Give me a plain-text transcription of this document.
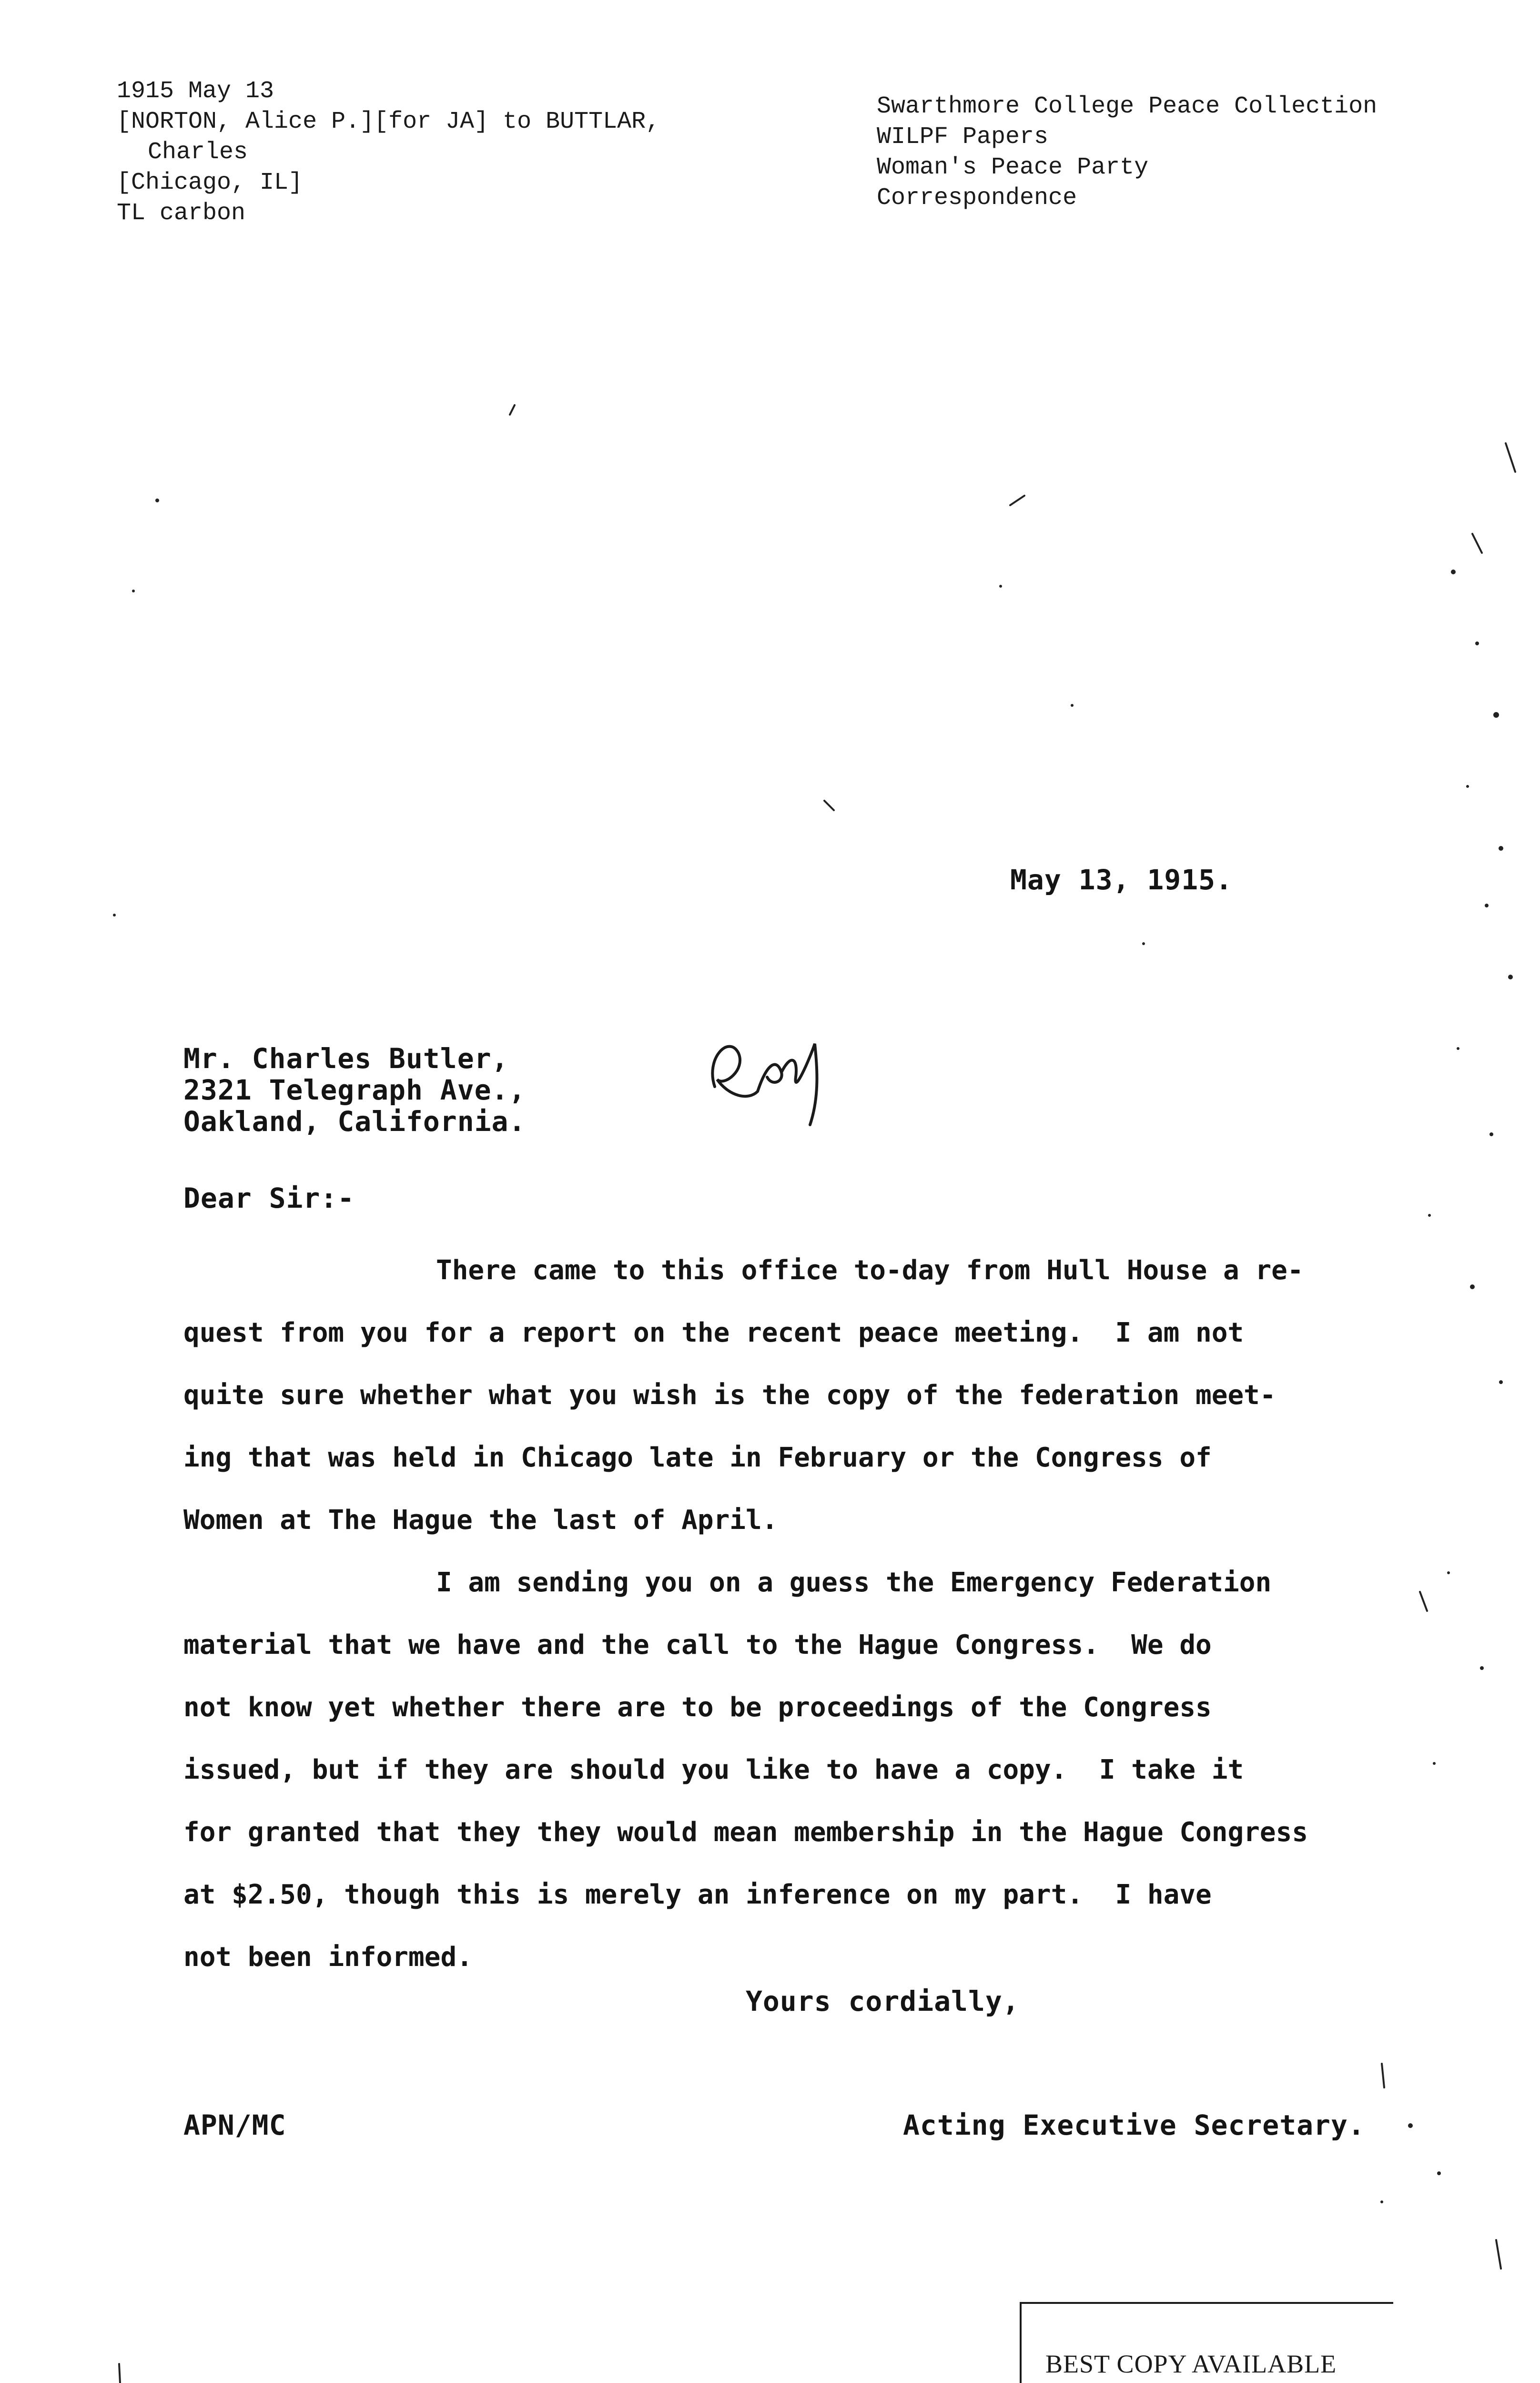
1915 May 13
[NORTON, Alice P.][for JA] to BUTTLAR,
Charles
[Chicago, IL]
TL carbon
Swarthmore College Peace Collection
WILPF Papers
Woman's Peace Party
Correspondence
May 13, 1915.
Mr. Charles Butler,
2321 Telegraph Ave.,
Oakland, California.
Dear Sir:-
There came to this office to-day from Hull House a re-
quest from you for a report on the recent peace meeting.  I am not
quite sure whether what you wish is the copy of the federation meet-
ing that was held in Chicago late in February or the Congress of
Women at The Hague the last of April.
I am sending you on a guess the Emergency Federation
material that we have and the call to the Hague Congress.  We do
not know yet whether there are to be proceedings of the Congress
issued, but if they are should you like to have a copy.  I take it
for granted that they they would mean membership in the Hague Congress
at $2.50, though this is merely an inference on my part.  I have
not been informed.
Yours cordially,
APN/MC	Acting Executive Secretary.
BEST COPY AVAILABLE
